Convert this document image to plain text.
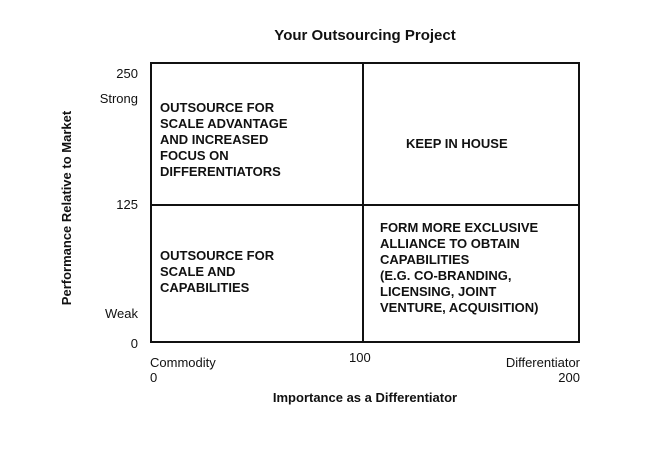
Your Outsourcing Project
Performance Relative to Market
250
Strong
125
Weak
0
OUTSOURCE FOR
SCALE ADVANTAGE
AND INCREASED
FOCUS ON
DIFFERENTIATORS
KEEP IN HOUSE
OUTSOURCE FOR
SCALE AND
CAPABILITIES
FORM MORE EXCLUSIVE
ALLIANCE TO OBTAIN
CAPABILITIES
(E.G. CO-BRANDING,
LICENSING, JOINT
VENTURE, ACQUISITION)
Commodity
0
100	Differentiator
200
Importance as a Differentiator
